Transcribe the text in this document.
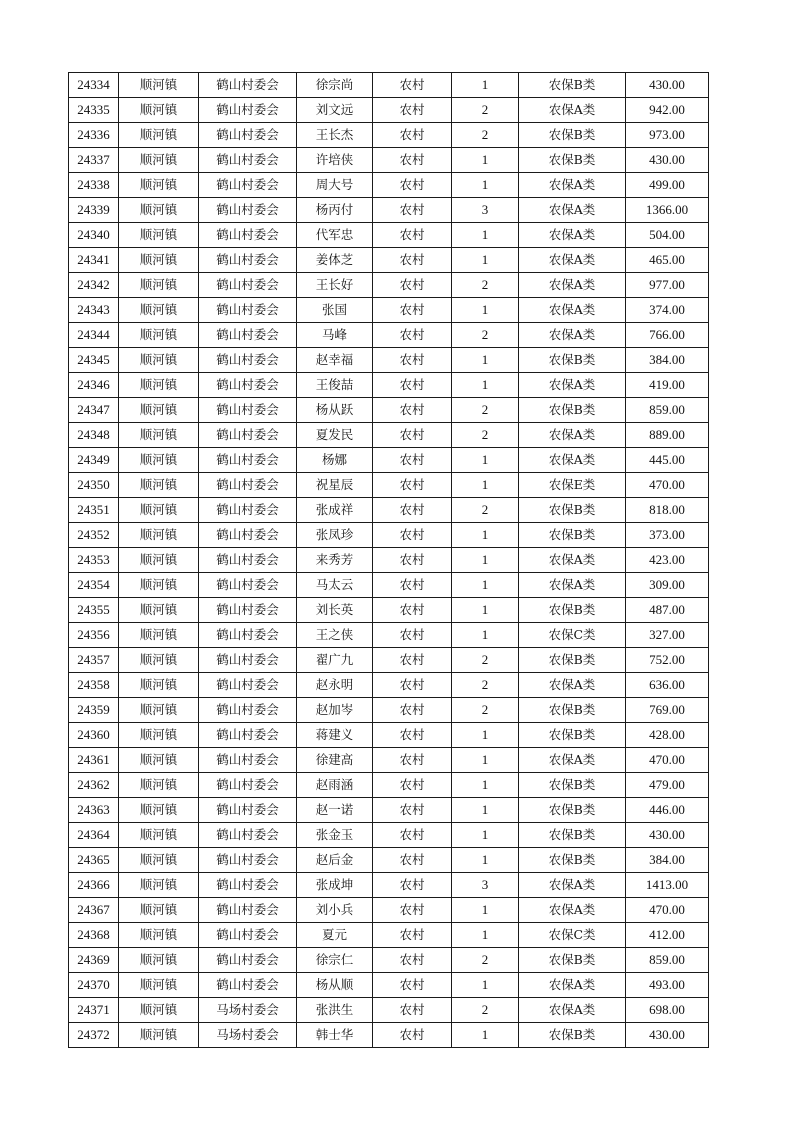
24334	顺河镇	鹤山村委会	徐宗尚	农村	1	农保B类	430.00
24335	顺河镇	鹤山村委会	刘文远	农村	2	农保A类	942.00
24336	顺河镇	鹤山村委会	王长杰	农村	2	农保B类	973.00
24337	顺河镇	鹤山村委会	许培侠	农村	1	农保B类	430.00
24338	顺河镇	鹤山村委会	周大号	农村	1	农保A类	499.00
24339	顺河镇	鹤山村委会	杨丙付	农村	3	农保A类	1366.00
24340	顺河镇	鹤山村委会	代军忠	农村	1	农保A类	504.00
24341	顺河镇	鹤山村委会	姜体芝	农村	1	农保A类	465.00
24342	顺河镇	鹤山村委会	王长好	农村	2	农保A类	977.00
24343	顺河镇	鹤山村委会	张国	农村	1	农保A类	374.00
24344	顺河镇	鹤山村委会	马峰	农村	2	农保A类	766.00
24345	顺河镇	鹤山村委会	赵幸福	农村	1	农保B类	384.00
24346	顺河镇	鹤山村委会	王俊喆	农村	1	农保A类	419.00
24347	顺河镇	鹤山村委会	杨从跃	农村	2	农保B类	859.00
24348	顺河镇	鹤山村委会	夏发民	农村	2	农保A类	889.00
24349	顺河镇	鹤山村委会	杨娜	农村	1	农保A类	445.00
24350	顺河镇	鹤山村委会	祝星辰	农村	1	农保E类	470.00
24351	顺河镇	鹤山村委会	张成祥	农村	2	农保B类	818.00
24352	顺河镇	鹤山村委会	张凤珍	农村	1	农保B类	373.00
24353	顺河镇	鹤山村委会	来秀芳	农村	1	农保A类	423.00
24354	顺河镇	鹤山村委会	马太云	农村	1	农保A类	309.00
24355	顺河镇	鹤山村委会	刘长英	农村	1	农保B类	487.00
24356	顺河镇	鹤山村委会	王之侠	农村	1	农保C类	327.00
24357	顺河镇	鹤山村委会	翟广九	农村	2	农保B类	752.00
24358	顺河镇	鹤山村委会	赵永明	农村	2	农保A类	636.00
24359	顺河镇	鹤山村委会	赵加岑	农村	2	农保B类	769.00
24360	顺河镇	鹤山村委会	蒋建义	农村	1	农保B类	428.00
24361	顺河镇	鹤山村委会	徐建高	农村	1	农保A类	470.00
24362	顺河镇	鹤山村委会	赵雨涵	农村	1	农保B类	479.00
24363	顺河镇	鹤山村委会	赵一诺	农村	1	农保B类	446.00
24364	顺河镇	鹤山村委会	张金玉	农村	1	农保B类	430.00
24365	顺河镇	鹤山村委会	赵后金	农村	1	农保B类	384.00
24366	顺河镇	鹤山村委会	张成坤	农村	3	农保A类	1413.00
24367	顺河镇	鹤山村委会	刘小兵	农村	1	农保A类	470.00
24368	顺河镇	鹤山村委会	夏元	农村	1	农保C类	412.00
24369	顺河镇	鹤山村委会	徐宗仁	农村	2	农保B类	859.00
24370	顺河镇	鹤山村委会	杨从顺	农村	1	农保A类	493.00
24371	顺河镇	马场村委会	张洪生	农村	2	农保A类	698.00
24372	顺河镇	马场村委会	韩士华	农村	1	农保B类	430.00
